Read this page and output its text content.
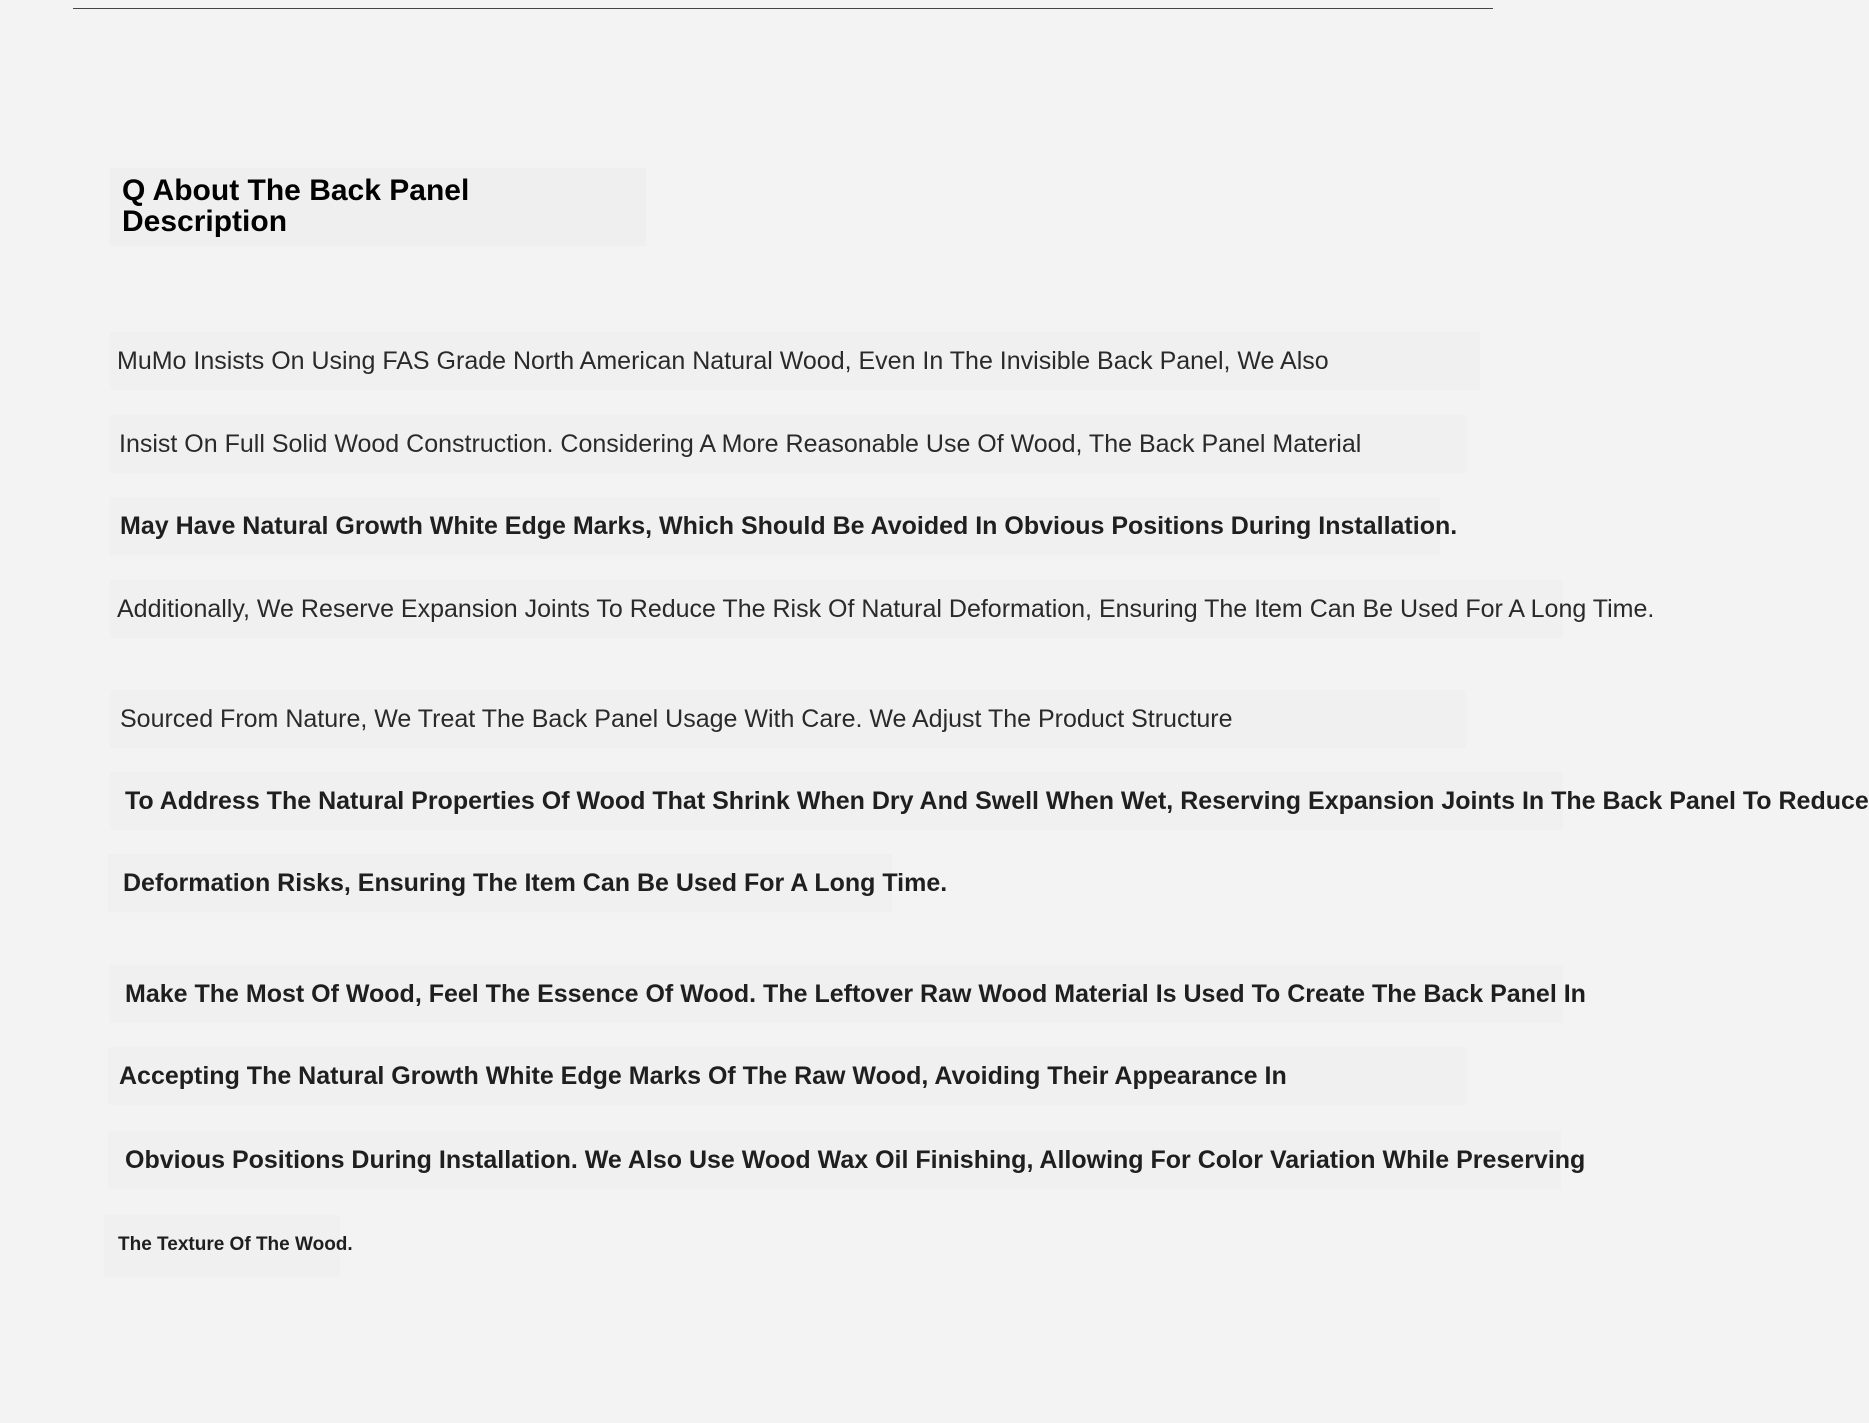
Q About The Back Panel Description
MuMo Insists On Using FAS Grade North American Natural Wood, Even In The Invisible Back Panel, We Also
Insist On Full Solid Wood Construction. Considering A More Reasonable Use Of Wood, The Back Panel Material
May Have Natural Growth White Edge Marks, Which Should Be Avoided In Obvious Positions During Installation.
Additionally, We Reserve Expansion Joints To Reduce The Risk Of Natural Deformation, Ensuring The Item Can Be Used For A Long Time.
Sourced From Nature, We Treat The Back Panel Usage With Care. We Adjust The Product Structure
To Address The Natural Properties Of Wood That Shrink When Dry And Swell When Wet, Reserving Expansion Joints In The Back Panel To Reduce
Deformation Risks, Ensuring The Item Can Be Used For A Long Time.
Make The Most Of Wood, Feel The Essence Of Wood. The Leftover Raw Wood Material Is Used To Create The Back Panel In
Accepting The Natural Growth White Edge Marks Of The Raw Wood, Avoiding Their Appearance In
Obvious Positions During Installation. We Also Use Wood Wax Oil Finishing, Allowing For Color Variation While Preserving
The Texture Of The Wood.
